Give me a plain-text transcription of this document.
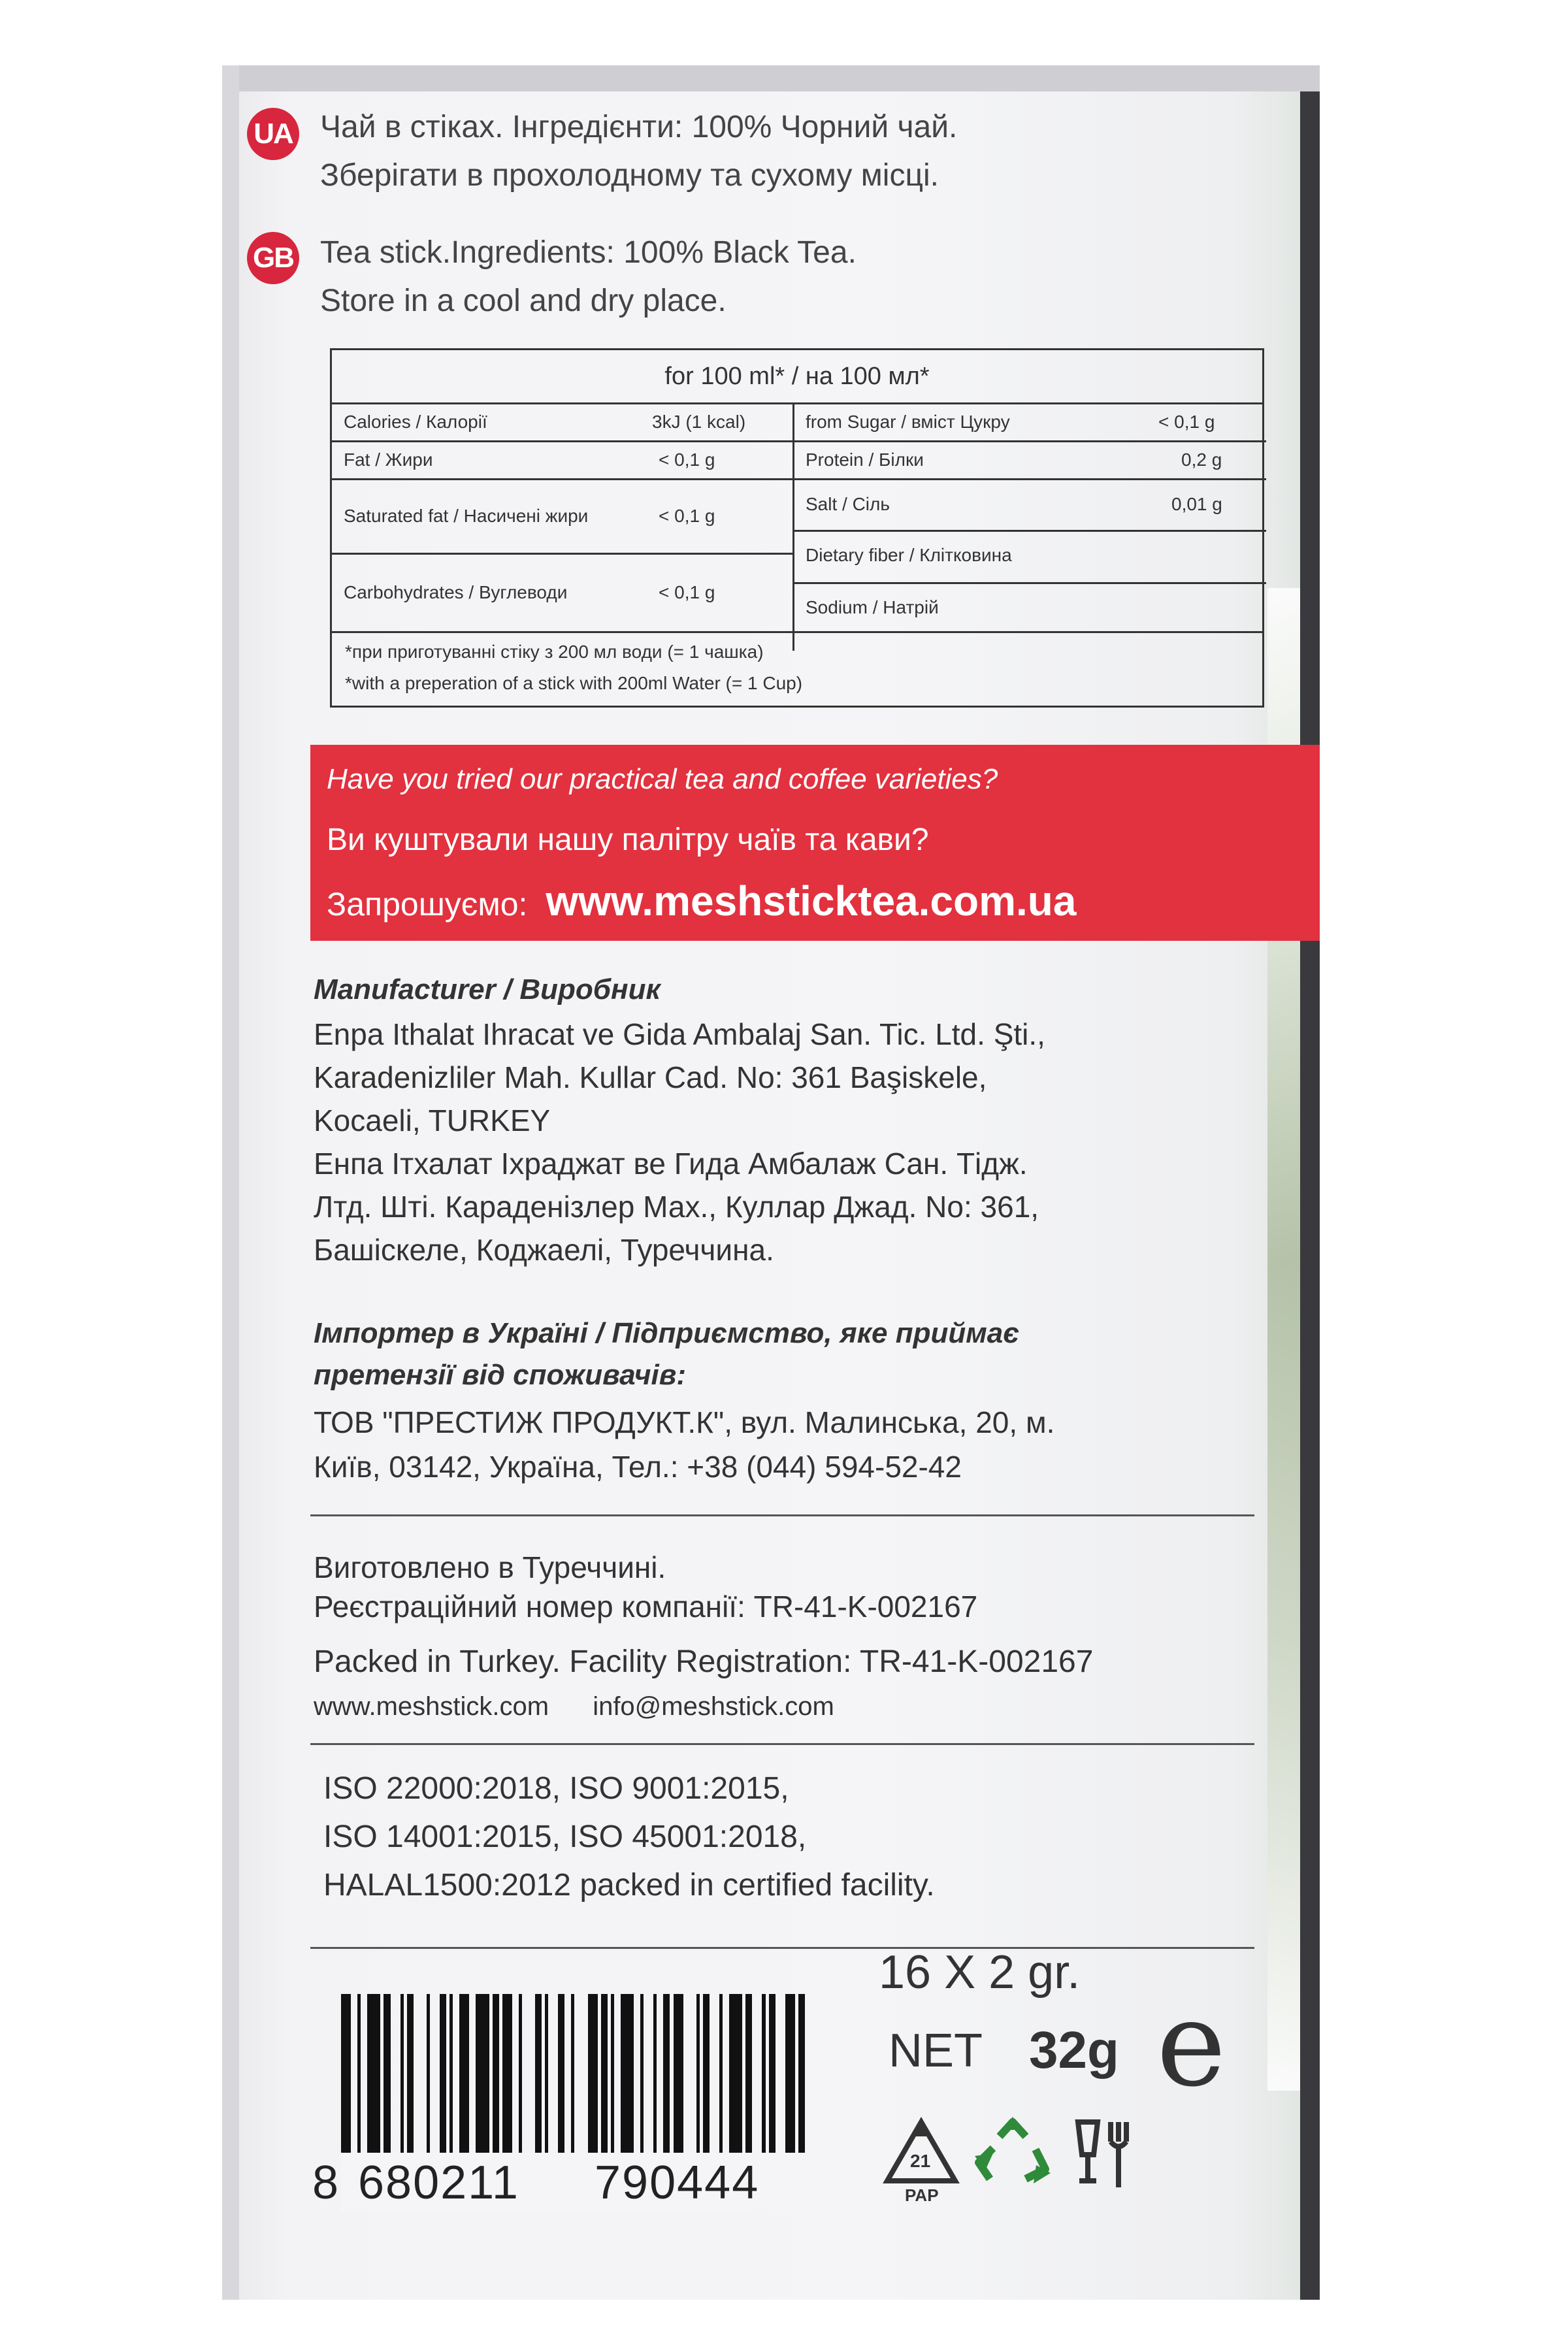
UA Чай в стіках. Інгредієнти: 100% Чорний чай.
Зберігати в прохолодному та сухому місці.
GB Tea stick.Ingredients: 100% Black Tea.
Store in a cool and dry place.
for 100 ml* / на 100 мл*
Calories / Калорії	3kJ (1 kcal)
Fat / Жири	< 0,1 g
Saturated fat / Насичені жири	< 0,1 g
Carbohydrates / Вуглеводи	< 0,1 g
from Sugar / вміст Цукру	< 0,1 g
Protein / Білки	0,2 g
Salt / Сіль	0,01 g
Dietary fiber / Клітковина
Sodium / Натрій
*при приготуванні стіку з 200 мл води (= 1 чашка)
*with a preperation of a stick with 200ml Water (= 1 Cup)
Have you tried our practical tea and coffee varieties?
Ви куштували нашу палітру чаїв та кави?
Запрошуємо: www.meshsticktea.com.ua
Manufacturer / Виробник
Enpa Ithalat Ihracat ve Gida Ambalaj San. Tic. Ltd. Şti.,
Karadenizliler Mah. Kullar Cad. No: 361 Başiskele,
Kocaeli, TURKEY
Енпа Ітхалат Іхраджат ве Гида Амбалаж Сан. Тідж.
Лтд. Шті. Караденізлер Мах., Куллар Джад. No: 361,
Башіскеле, Коджаелі, Туреччина.
Імпортер в Україні / Підприємство, яке приймає
претензії від споживачів:
ТОВ "ПРЕСТИЖ ПРОДУКТ.К", вул. Малинська, 20, м.
Київ, 03142, Україна, Тел.: +38 (044) 594-52-42
Виготовлено в Туреччині.
Реєстраційний номер компанії: TR-41-K-002167
Packed in Turkey. Facility Registration: TR-41-K-002167
www.meshstick.com info@meshstick.com
ISO 22000:2018, ISO 9001:2015,
ISO 14001:2015, ISO 45001:2018,
HALAL1500:2012 packed in certified facility.
8 680211 790444
16 X 2 gr.
NET 32g e
21
PAP
